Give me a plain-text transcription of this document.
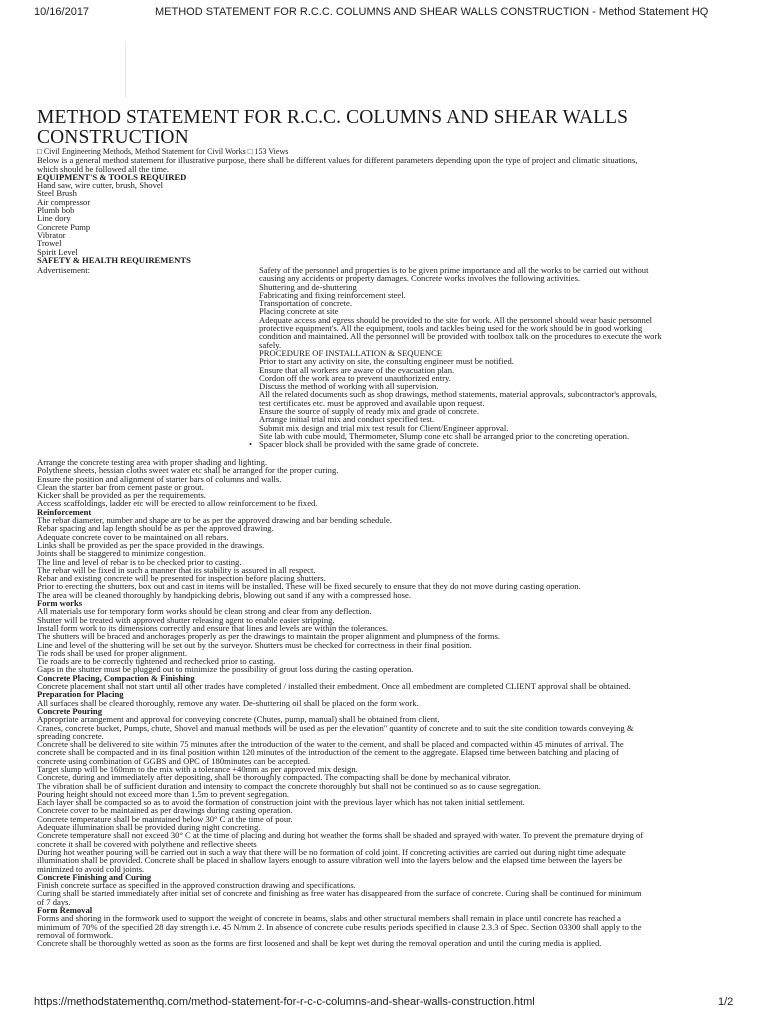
10/16/2017	METHOD STATEMENT FOR R.C.C. COLUMNS AND SHEAR WALLS CONSTRUCTION - Method Statement HQ
METHOD STATEMENT FOR R.C.C. COLUMNS AND SHEAR WALLS
CONSTRUCTION
□ Civil Engineering Methods, Method Statement for Civil Works □ 153 Views
Below is a general method statement for illustrative purpose, there shall be different values for different parameters depending upon the type of project and climatic situations,
which should be followed all the time.
EQUIPMENT'S & TOOLS REQUIRED
Hand saw, wire cutter, brush, Shovel
Steel Brush
Air compressor
Plumb bob
Line dory
Concrete Pump
Vibrator
Trowel
Spirit Level
SAFETY & HEALTH REQUIREMENTS
Advertisement:	Safety of the personnel and properties is to be given prime importance and all the works to be carried out without
causing any accidents or property damages. Concrete works involves the following activities.
Shuttering and de-shuttering
Fabricating and fixing reinforcement steel.
Transportation of concrete.
Placing concrete at site
Adequate access and egress should be provided to the site for work. All the personnel should wear basic personnel
protective equipment's. All the equipment, tools and tackles being used for the work should be in good working
condition and maintained. All the personnel will be provided with toolbox talk on the procedures to execute the work
safely.
PROCEDURE OF INSTALLATION & SEQUENCE
Prior to start any activity on site, the consulting engineer must be notified.
Ensure that all workers are aware of the evacuation plan.
Cordon off the work area to prevent unauthorized entry.
Discuss the method of working with all supervision.
All the related documents such as shop drawings, method statements, material approvals, subcontractor's approvals,
test certificates etc. must be approved and available upon request.
Ensure the source of supply of ready mix and grade of concrete.
Arrange initial trial mix and conduct specified test.
Submit mix design and trial mix test result for Client/Engineer approval.
Site lab with cube mould, Thermometer, Slump cone etc shall be arranged prior to the concreting operation.
• Spacer block shall be provided with the same grade of concrete.
Arrange the concrete testing area with proper shading and lighting.
Polythene sheets, hessian cloths sweet water etc shall be arranged for the proper curing.
Ensure the position and alignment of starter bars of columns and walls.
Clean the starter bar from cement paste or grout.
Kicker shall be provided as per the requirements.
Access scaffoldings, ladder etc will be erected to allow reinforcement to be fixed.
Reinforcement
The rebar diameter, number and shape are to be as per the approved drawing and bar bending schedule.
Rebar spacing and lap length should be as per the approved drawing.
Adequate concrete cover to be maintained on all rebars.
Links shall be provided as per the space provided in the drawings.
Joints shall be staggered to minimize congestion.
The line and level of rebar is to be checked prior to casting.
The rebar will be fixed in such a manner that its stability is assured in all respect.
Rebar and existing concrete will be presented for inspection before placing shutters.
Prior to erecting the shutters, box out and cast in items will be installed. These will be fixed securely to ensure that they do not move during casting operation.
The area will be cleaned thoroughly by handpicking debris, blowing out sand if any with a compressed hose.
Form works
All materials use for temporary form works should be clean strong and clear from any deflection.
Shutter will be treated with approved shutter releasing agent to enable easier stripping.
Install form work to its dimensions correctly and ensure that lines and levels are within the tolerances.
The shutters will be braced and anchorages properly as per the drawings to maintain the proper alignment and plumpness of the forms.
Line and level of the shuttering will be set out by the surveyor. Shutters must be checked for correctness in their final position.
Tie rods shall be used for proper alignment.
Tie roads are to be correctly tightened and rechecked prior to casting.
Gaps in the shutter must be plugged out to minimize the possibility of grout loss during the casting operation.
Concrete Placing, Compaction & Finishing
Concrete placement shall not start until all other trades have completed / installed their embedment. Once all embedment are completed CLIENT approval shall be obtained.
Preparation for Placing
All surfaces shall be cleared thoroughly, remove any water. De-shuttering oil shall be placed on the form work.
Concrete Pouring
Appropriate arrangement and approval for conveying concrete (Chutes, pump, manual) shall be obtained from client.
Cranes, concrete bucket, Pumps, chute, Shovel and manual methods will be used as per the elevation" quantity of concrete and to suit the site condition towards conveying &
spreading concrete.
Concrete shall be delivered to site within 75 minutes after the introduction of the water to the cement, and shall be placed and compacted within 45 minutes of arrival. The
concrete shall be compacted and in its final position within 120 minutes of the introduction of the cement to the aggregate. Elapsed time between batching and placing of
concrete using combination of GGBS and OPC of 180minutes can be accepted.
Target slump will be 160mm to the mix with a tolerance +40mm as per approved mix design.
Concrete, during and immediately after depositing, shall be thoroughly compacted. The compacting shall be done by mechanical vibrator.
The vibration shall be of sufficient duration and intensity to compact the concrete thoroughly but shall not be continued so as to cause segregation.
Pouring height should not exceed more than 1.5m to prevent segregation.
Each layer shall be compacted so as to avoid the formation of construction joint with the previous layer which has not taken initial settlement.
Concrete cover to be maintained as per drawings during casting operation.
Concrete temperature shall be maintained below 30° C at the time of pour.
Adequate illumination shall be provided during night concreting.
Concrete temperature shall not exceed 30° C at the time of placing and during hot weather the forms shall be shaded and sprayed with water. To prevent the premature drying of
concrete it shall be covered with polythene and reflective sheets
During hot weather pouring will be carried out in such a way that there will be no formation of cold joint. If concreting activities are carried out during night time adequate
illumination shall be provided. Concrete shall be placed in shallow layers enough to assure vibration well into the layers below and the elapsed time between the layers be
minimized to avoid cold joints.
Concrete Finishing and Curing
Finish concrete surface as specified in the approved construction drawing and specifications.
Curing shall be started immediately after initial set of concrete and finishing as free water has disappeared from the surface of concrete. Curing shall be continued for minimum
of 7 days.
Form Removal
Forms and shoring in the formwork used to support the weight of concrete in beams, slabs and other structural members shall remain in place until concrete has reached a
minimum of 70% of the specified 28 day strength i.e. 45 N/mm 2. In absence of concrete cube results periods specified in clause 2.3.3 of Spec. Section 03300 shall apply to the
removal of formwork.
Concrete shall be thoroughly wetted as soon as the forms are first loosened and shall be kept wet during the removal operation and until the curing media is applied.
https://methodstatementhq.com/method-statement-for-r-c-c-columns-and-shear-walls-construction.html	1/2
